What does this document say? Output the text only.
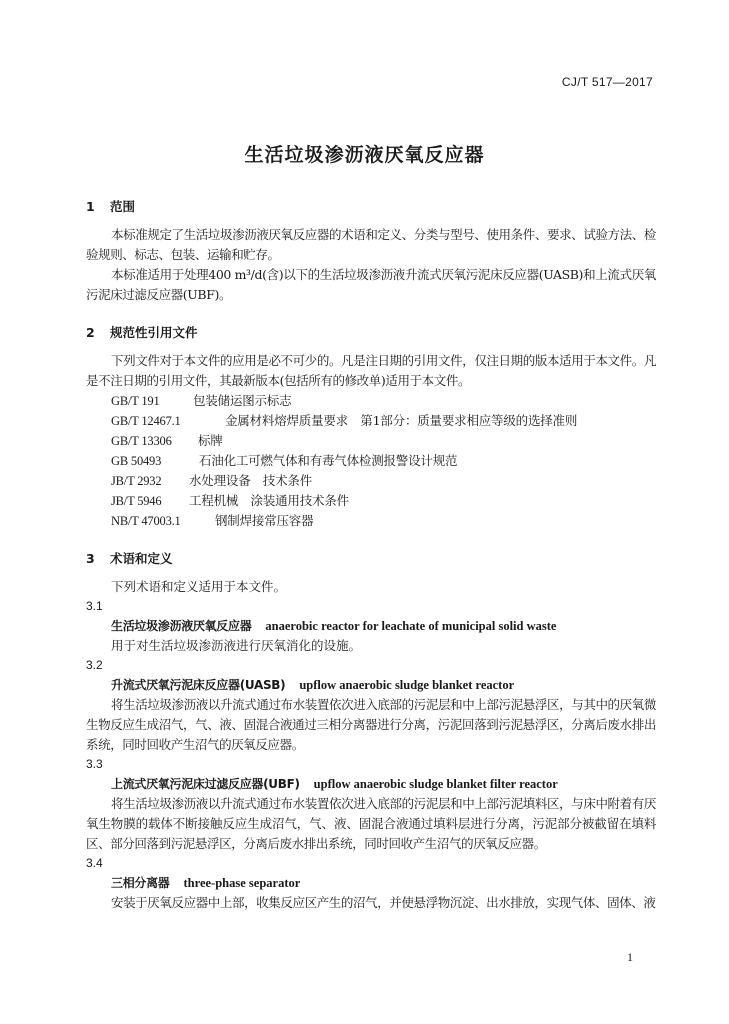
CJ/T 517—2017
生活垃圾渗沥液厌氧反应器
1 范围
本标准规定了生活垃圾渗沥液厌氧反应器的术语和定义、分类与型号、使用条件、要求、试验方法、检验规则、标志、包装、运输和贮存。
本标准适用于处理400 m³/d(含)以下的生活垃圾渗沥液升流式厌氧污泥床反应器(UASB)和上流式厌氧污泥床过滤反应器(UBF)。
2 规范性引用文件
下列文件对于本文件的应用是必不可少的。凡是注日期的引用文件，仅注日期的版本适用于本文件。凡是不注日期的引用文件，其最新版本(包括所有的修改单)适用于本文件。
GB/T 191	包装储运图示标志
GB/T 12467.1	金属材料熔焊质量要求　第1部分：质量要求相应等级的选择准则
GB/T 13306 标牌
GB 50493	石油化工可燃气体和有毒气体检测报警设计规范
JB/T 2932 水处理设备　技术条件
JB/T 5946 工程机械　涂装通用技术条件
NB/T 47003.1	钢制焊接常压容器
3 术语和定义
下列术语和定义适用于本文件。
3.1
生活垃圾渗沥液厌氧反应器 anaerobic reactor for leachate of municipal solid waste
用于对生活垃圾渗沥液进行厌氧消化的设施。
3.2
升流式厌氧污泥床反应器(UASB) upflow anaerobic sludge blanket reactor
将生活垃圾渗沥液以升流式通过布水装置依次进入底部的污泥层和中上部污泥悬浮区，与其中的厌氧微生物反应生成沼气，气、液、固混合液通过三相分离器进行分离，污泥回落到污泥悬浮区，分离后废水排出系统，同时回收产生沼气的厌氧反应器。
3.3
上流式厌氧污泥床过滤反应器(UBF) upflow anaerobic sludge blanket filter reactor
将生活垃圾渗沥液以升流式通过布水装置依次进入底部的污泥层和中上部污泥填料区，与床中附着有厌氧生物膜的载体不断接触反应生成沼气，气、液、固混合液通过填料层进行分离，污泥部分被截留在填料区、部分回落到污泥悬浮区，分离后废水排出系统，同时回收产生沼气的厌氧反应器。
3.4
三相分离器 three-phase separator
安装于厌氧反应器中上部，收集反应区产生的沼气，并使悬浮物沉淀、出水排放，实现气体、固体、液
1
